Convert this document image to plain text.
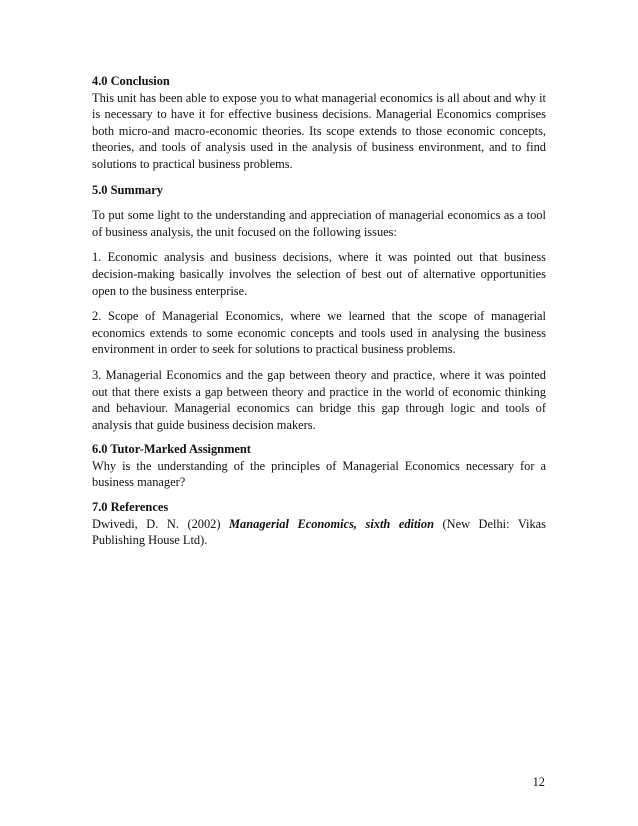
4.0 Conclusion

This unit has been able to expose you to what managerial economics is all about and why it is necessary to have it for effective business decisions. Managerial Economics comprises both micro-and macro-economic theories. Its scope extends to those economic concepts, theories, and tools of analysis used in the analysis of business environment, and to find solutions to practical business problems.

5.0 Summary

To put some light to the understanding and appreciation of managerial economics as a tool of business analysis, the unit focused on the following issues:

1. Economic analysis and business decisions, where it was pointed out that business decision-making basically involves the selection of best out of alternative opportunities open to the business enterprise.

2. Scope of Managerial Economics, where we learned that the scope of managerial economics extends to some economic concepts and tools used in analysing the business environment in order to seek for solutions to practical business problems.

3. Managerial Economics and the gap between theory and practice, where it was pointed out that there exists a gap between theory and practice in the world of economic thinking and behaviour. Managerial economics can bridge this gap through logic and tools of analysis that guide business decision makers.

6.0 Tutor-Marked Assignment

Why is the understanding of the principles of Managerial Economics necessary for a business manager?

7.0 References

Dwivedi, D. N. (2002) Managerial Economics, sixth edition (New Delhi: Vikas Publishing House Ltd).

12
